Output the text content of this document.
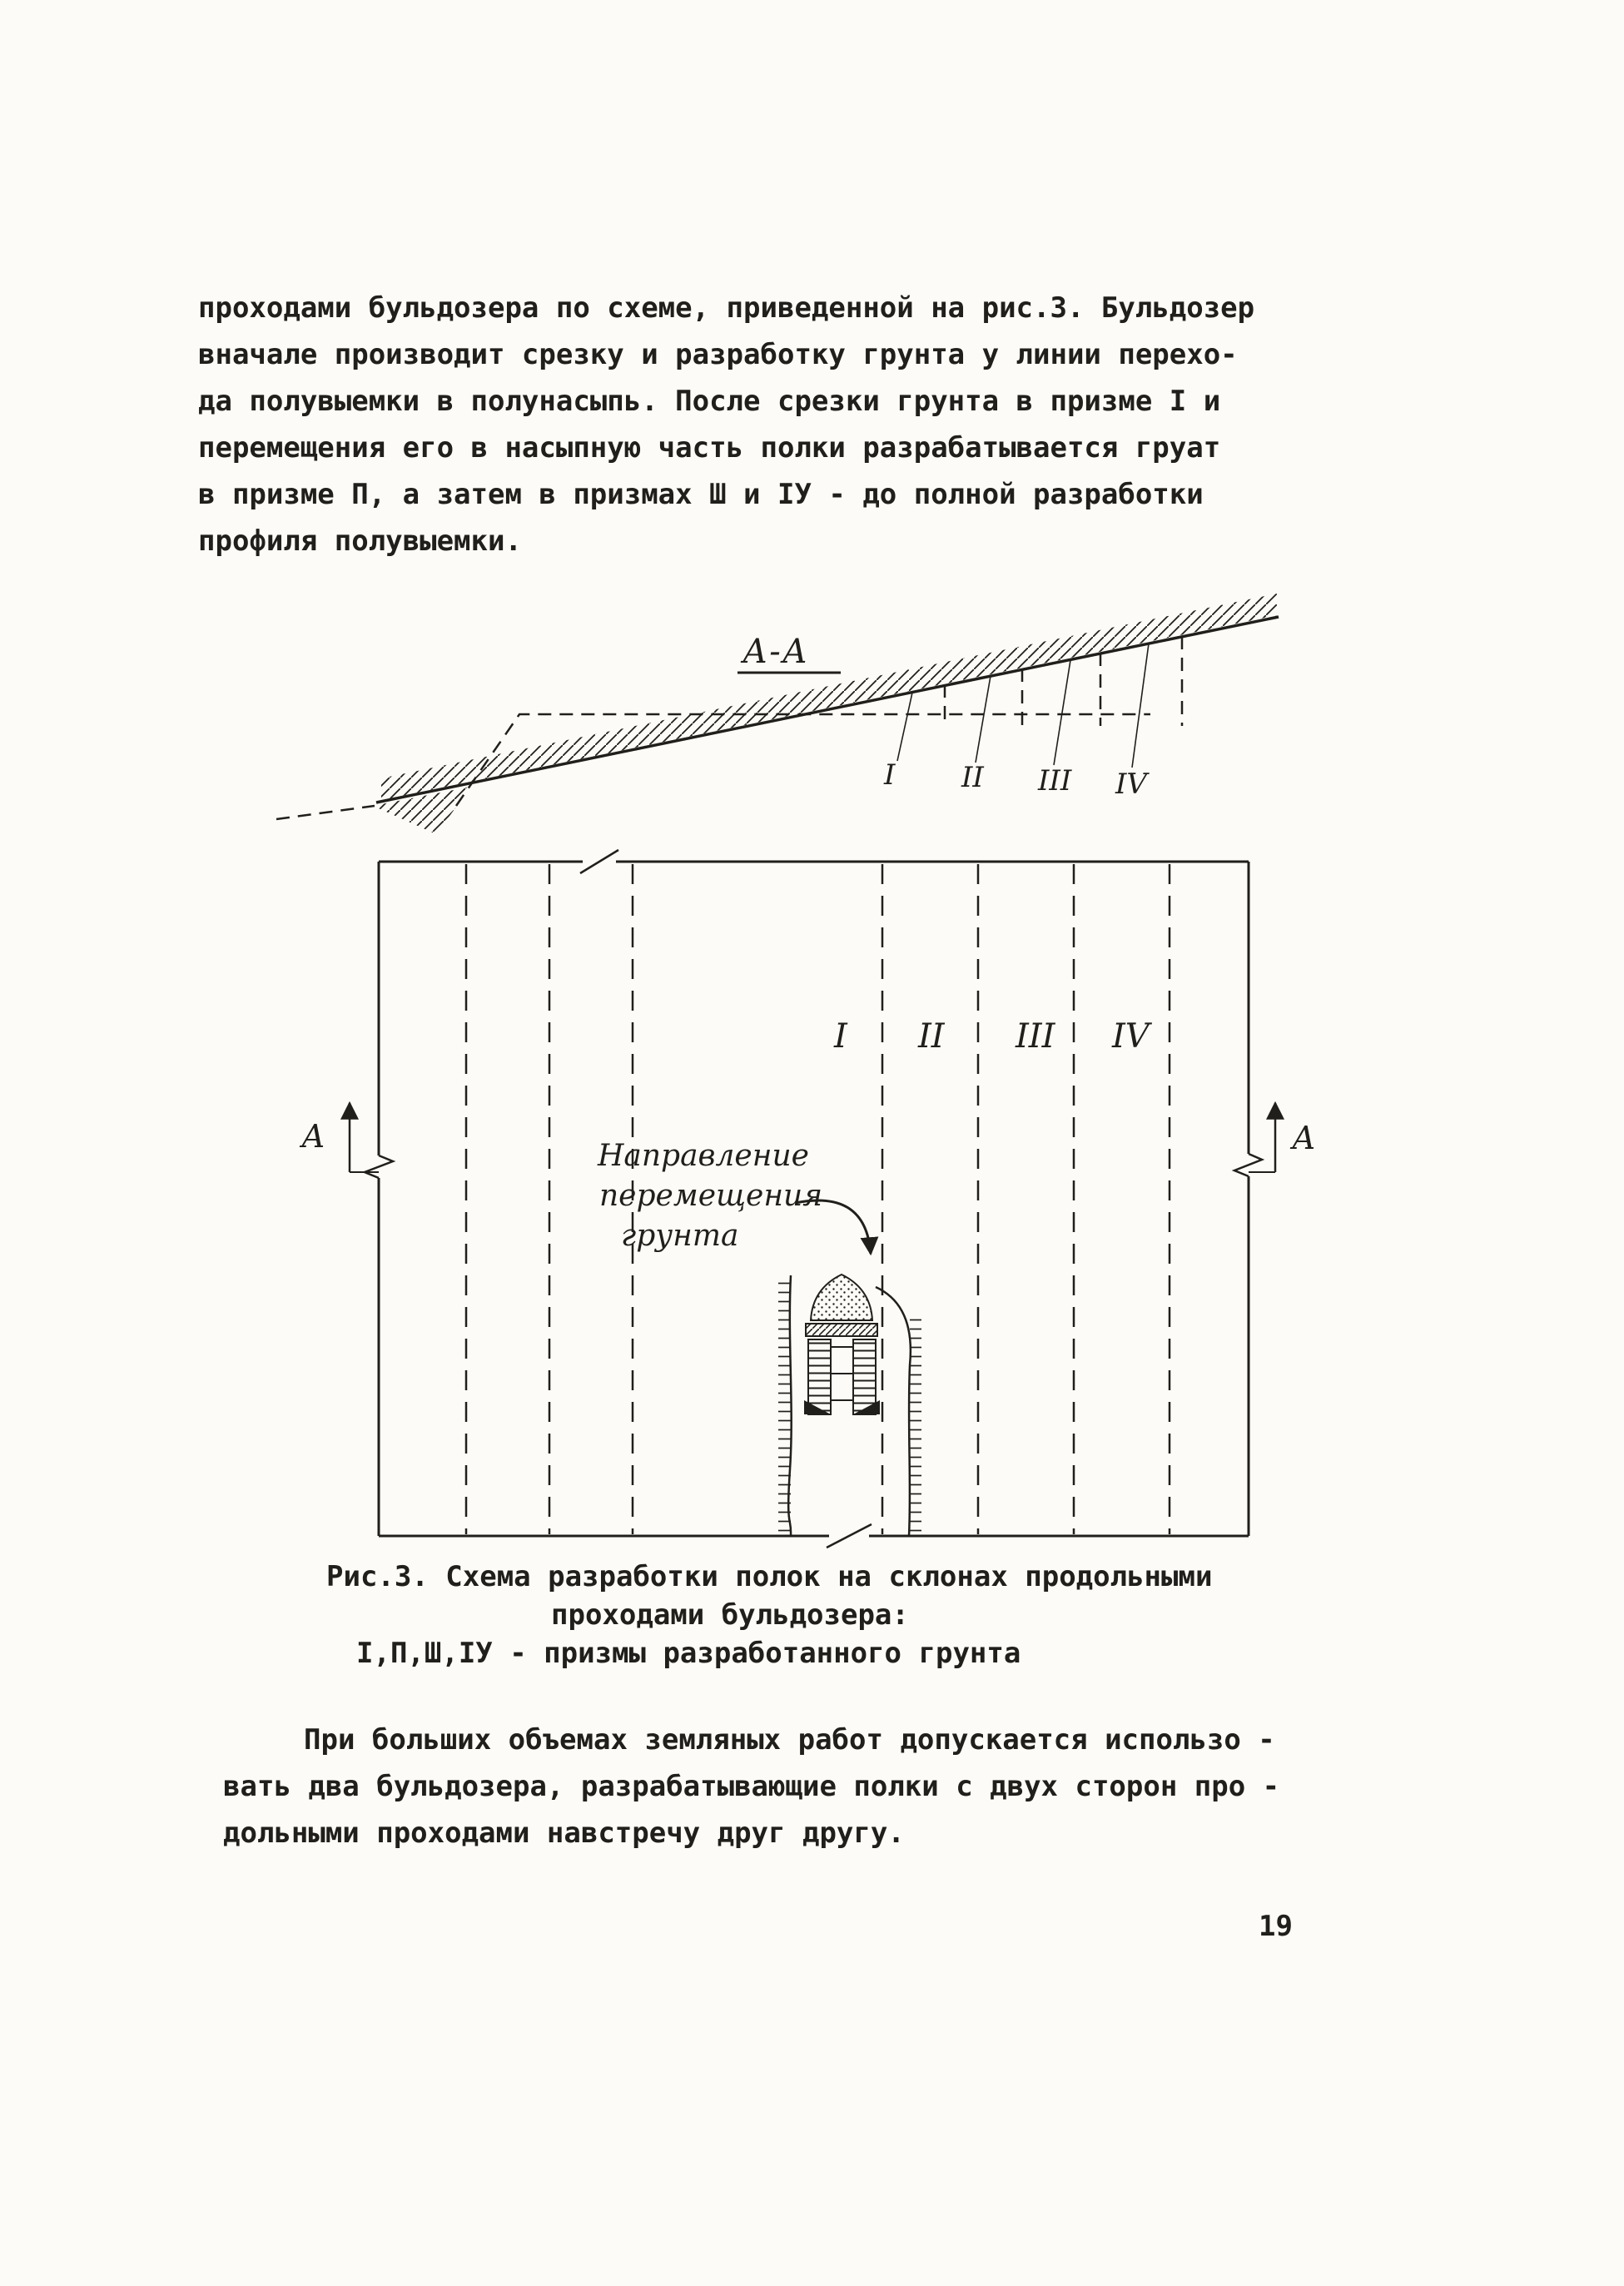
проходами бульдозера по схеме, приведенной на рис.3. Бульдозер
вначале производит срезку и разработку грунта у линии перехо-
да полувыемки в полунасыпь. После срезки грунта в призме I и
перемещения его в насыпную часть полки разрабатывается груат
в призме П, а затем в призмах Ш и IУ - до полной разработки
профиля полувыемки.
А-А
I II III IV
А	А
I II III IV
Направление
перемещения
грунта
Рис.3. Схема разработки полок на склонах продольными
проходами бульдозера:
I,П,Ш,IУ - призмы разработанного грунта
При больших объемах земляных работ допускается использо -
вать два бульдозера, разрабатывающие полки с двух сторон про -
дольными проходами навстречу друг другу.
19
